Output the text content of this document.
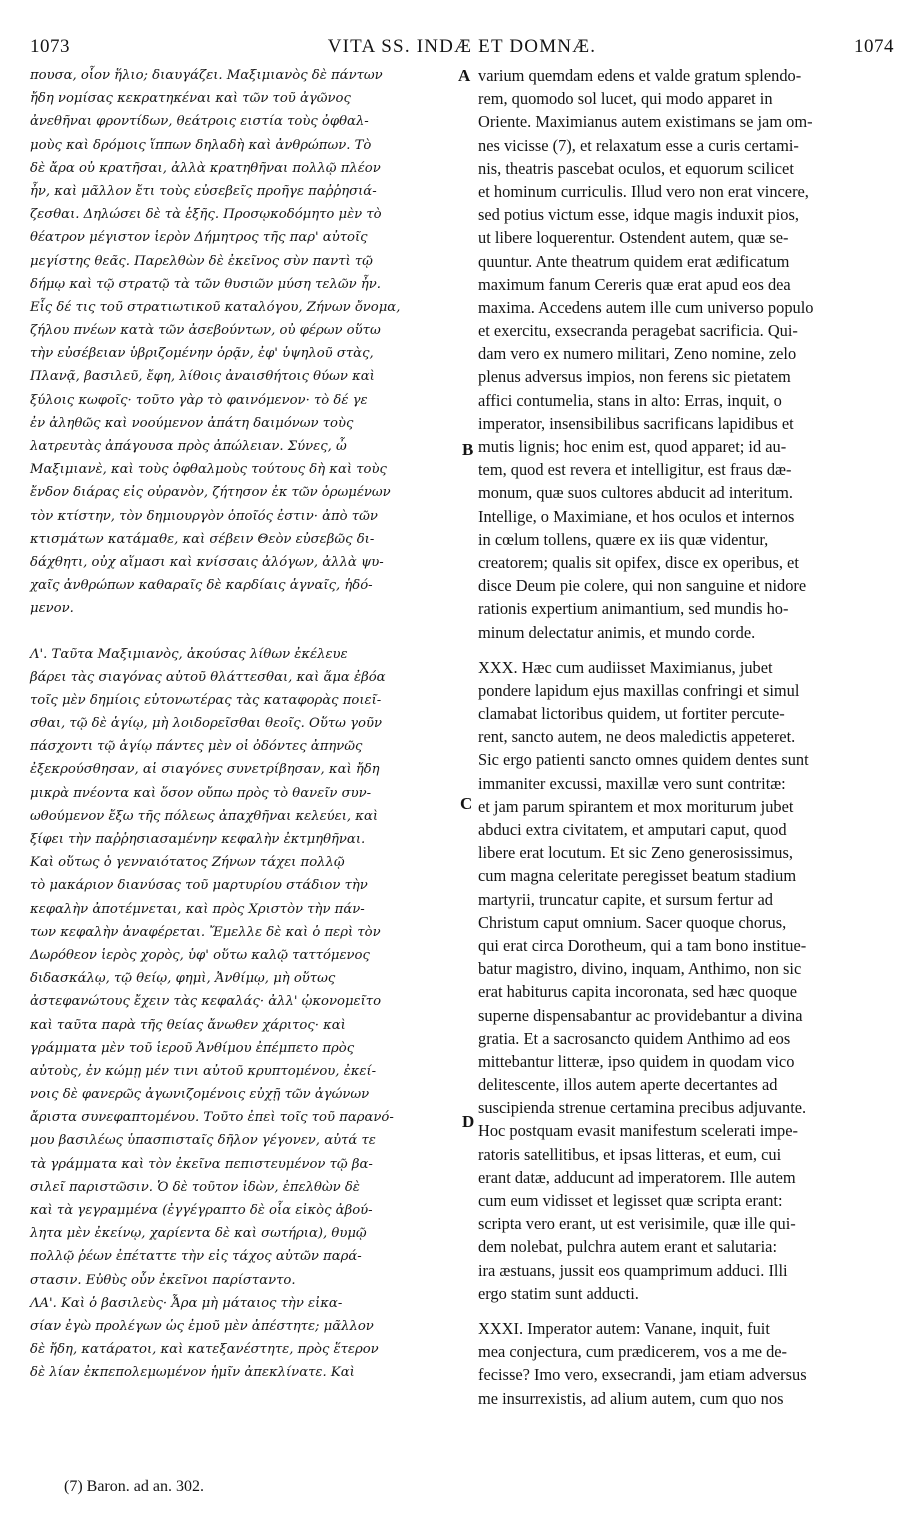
1073	VITA SS. INDÆ ET DOMNÆ.	1074
πουσα, οἷον ἥλιο; διαυγάζει. Μαξιμιανὸς δὲ πάντων
ἤδη νομίσας κεκρατηκέναι καὶ τῶν τοῦ ἀγῶνος
ἀνεθῆναι φροντίδων, θεάτροις ειστία τοὺς ὀφθαλ-
μοὺς καὶ δρόμοις ἵππων δηλαδὴ καὶ ἀνθρώπων. Τὸ
δὲ ἄρα οὐ κρατῆσαι, ἀλλὰ κρατηθῆναι πολλῷ πλέον
ἦν, καὶ μᾶλλον ἔτι τοὺς εὐσεβεῖς προῆγε παῤῥησιά-
ζεσθαι. Δηλώσει δὲ τὰ ἑξῆς. Προσῳκοδόμητο μὲν τὸ
θέατρον μέγιστον ἱερὸν Δήμητρος τῆς παρ' αὐτοῖς
μεγίστης θεᾶς. Παρελθὼν δὲ ἐκεῖνος σὺν παντὶ τῷ
δήμῳ καὶ τῷ στρατῷ τὰ τῶν θυσιῶν μύση τελῶν ἦν.
Εἷς δέ τις τοῦ στρατιωτικοῦ καταλόγου, Ζήνων ὄνομα,
ζήλου πνέων κατὰ τῶν ἀσεβούντων, οὐ φέρων οὕτω
τὴν εὐσέβειαν ὑβριζομένην ὁρᾷν, ἐφ' ὑψηλοῦ στὰς,
Πλανᾷ, βασιλεῦ, ἔφη, λίθοις ἀναισθήτοις θύων καὶ
ξύλοις κωφοῖς· τοῦτο γὰρ τὸ φαινόμενον· τὸ δέ γε
ἐν ἀληθῶς καὶ νοούμενον ἀπάτη δαιμόνων τοὺς
λατρευτὰς ἀπάγουσα πρὸς ἀπώλειαν. Σύνες, ὦ
Μαξιμιανὲ, καὶ τοὺς ὀφθαλμοὺς τούτους δὴ καὶ τοὺς
ἔνδον διάρας εἰς οὐρανὸν, ζήτησον ἐκ τῶν ὁρωμένων
τὸν κτίστην, τὸν δημιουργὸν ὁποῖός ἐστιν· ἀπὸ τῶν
κτισμάτων κατάμαθε, καὶ σέβειν Θεὸν εὐσεβῶς δι-
δάχθητι, οὐχ αἵμασι καὶ κνίσσαις ἀλόγων, ἀλλὰ ψυ-
χαῖς ἀνθρώπων καθαραῖς δὲ καρδίαις ἁγναῖς, ἡδό-
μενον.
Λ'. Ταῦτα Μαξιμιανὸς, ἀκούσας λίθων ἐκέλευε
βάρει τὰς σιαγόνας αὐτοῦ θλάττεσθαι, καὶ ἅμα ἐβόα
τοῖς μὲν δημίοις εὐτονωτέρας τὰς καταφορὰς ποιεῖ-
σθαι, τῷ δὲ ἁγίῳ, μὴ λοιδορεῖσθαι θεοῖς. Οὕτω γοῦν
πάσχοντι τῷ ἁγίῳ πάντες μὲν οἱ ὀδόντες ἀπηνῶς
ἐξεκρούσθησαν, αἱ σιαγόνες συνετρίβησαν, καὶ ἤδη
μικρὰ πνέοντα καὶ ὅσον οὔπω πρὸς τὸ θανεῖν συν-
ωθούμενον ἔξω τῆς πόλεως ἀπαχθῆναι κελεύει, καὶ
ξίφει τὴν παῤῥησιασαμένην κεφαλὴν ἐκτμηθῆναι.
Καὶ οὕτως ὁ γενναιότατος Ζήνων τάχει πολλῷ
τὸ μακάριον διανύσας τοῦ μαρτυρίου στάδιον τὴν
κεφαλὴν ἀποτέμνεται, καὶ πρὸς Χριστὸν τὴν πάν-
των κεφαλὴν ἀναφέρεται. Ἔμελλε δὲ καὶ ὁ περὶ τὸν
Δωρόθεον ἱερὸς χορὸς, ὑφ' οὕτω καλῷ ταττόμενος
διδασκάλῳ, τῷ θείῳ, φημὶ, Ἀνθίμῳ, μὴ οὕτως
ἀστεφανώτους ἔχειν τὰς κεφαλάς· ἀλλ' ᾠκονομεῖτο
καὶ ταῦτα παρὰ τῆς θείας ἄνωθεν χάριτος· καὶ
γράμματα μὲν τοῦ ἱεροῦ Ἀνθίμου ἐπέμπετο πρὸς
αὐτοὺς, ἐν κώμῃ μέν τινι αὐτοῦ κρυπτομένου, ἐκεί-
νοις δὲ φανερῶς ἀγωνιζομένοις εὐχῇ τῶν ἀγώνων
ἄριστα συνεφαπτομένου. Τοῦτο ἐπεὶ τοῖς τοῦ παρανό-
μου βασιλέως ὑπασπισταῖς δῆλον γέγονεν, αὐτά τε
τὰ γράμματα καὶ τὸν ἐκεῖνα πεπιστευμένον τῷ βα-
σιλεῖ παριστῶσιν. Ὁ δὲ τοῦτον ἰδὼν, ἐπελθὼν δὲ
καὶ τὰ γεγραμμένα (ἐγγέγραπτο δὲ οἷα εἰκὸς ἀβού-
λητα μὲν ἐκείνῳ, χαρίεντα δὲ καὶ σωτήρια), θυμῷ
πολλῷ ῥέων ἐπέταττε τὴν εἰς τάχος αὐτῶν παρά-
στασιν. Εὐθὺς οὖν ἐκεῖνοι παρίσταντο.
ΛΑ'. Καὶ ὁ βασιλεὺς· Ἆρα μὴ μάταιος τὴν εἰκα-
σίαν ἐγὼ προλέγων ὡς ἐμοῦ μὲν ἀπέστητε; μᾶλλον
δὲ ἤδη, κατάρατοι, καὶ κατεξανέστητε, πρὸς ἕτερον
δὲ λίαν ἐκπεπολεμωμένον ἡμῖν ἀπεκλίνατε. Καὶ
varium quemdam edens et valde gratum splendo-
rem, quomodo sol lucet, qui modo apparet in
Oriente. Maximianus autem existimans se jam om-
nes vicisse (7), et relaxatum esse a curis certami-
nis, theatris pascebat oculos, et equorum scilicet
et hominum curriculis. Illud vero non erat vincere,
sed potius victum esse, idque magis induxit pios,
ut libere loquerentur. Ostendent autem, quæ se-
quuntur. Ante theatrum quidem erat ædificatum
maximum fanum Cereris quæ erat apud eos dea
maxima. Accedens autem ille cum universo populo
et exercitu, exsecranda peragebat sacrificia. Qui-
dam vero ex numero militari, Zeno nomine, zelo
plenus adversus impios, non ferens sic pietatem
affici contumelia, stans in alto: Erras, inquit, o
imperator, insensibilibus sacrificans lapidibus et
mutis lignis; hoc enim est, quod apparet; id au-
tem, quod est revera et intelligitur, est fraus dæ-
monum, quæ suos cultores abducit ad interitum.
Intellige, o Maximiane, et hos oculos et internos
in cœlum tollens, quære ex iis quæ videntur,
creatorem; qualis sit opifex, disce ex operibus, et
disce Deum pie colere, qui non sanguine et nidore
rationis expertium animantium, sed mundis ho-
minum delectatur animis, et mundo corde.
XXX. Hæc cum audiisset Maximianus, jubet
pondere lapidum ejus maxillas confringi et simul
clamabat lictoribus quidem, ut fortiter percute-
rent, sancto autem, ne deos maledictis appeteret.
Sic ergo patienti sancto omnes quidem dentes sunt
immaniter excussi, maxillæ vero sunt contritæ:
et jam parum spirantem et mox moriturum jubet
abduci extra civitatem, et amputari caput, quod
libere erat locutum. Et sic Zeno generosissimus,
cum magna celeritate peregisset beatum stadium
martyrii, truncatur capite, et sursum fertur ad
Christum caput omnium. Sacer quoque chorus,
qui erat circa Dorotheum, qui a tam bono institue-
batur magistro, divino, inquam, Anthimo, non sic
erat habiturus capita incoronata, sed hæc quoque
superne dispensabantur ac providebantur a divina
gratia. Et a sacrosancto quidem Anthimo ad eos
mittebantur litteræ, ipso quidem in quodam vico
delitescente, illos autem aperte decertantes ad
suscipienda strenue certamina precibus adjuvante.
Hoc postquam evasit manifestum scelerati impe-
ratoris satellitibus, et ipsas litteras, et eum, cui
erant datæ, adducunt ad imperatorem. Ille autem
cum eum vidisset et legisset quæ scripta erant:
scripta vero erant, ut est verisimile, quæ ille qui-
dem nolebat, pulchra autem erant et salutaria:
ira æstuans, jussit eos quamprimum adduci. Illi
ergo statim sunt adducti.
XXXI. Imperator autem: Vanane, inquit, fuit
mea conjectura, cum prædicerem, vos a me de-
fecisse? Imo vero, exsecrandi, jam etiam adversus
me insurrexistis, ad alium autem, cum quo nos
A
B
C
D
(7) Baron. ad an. 302.
